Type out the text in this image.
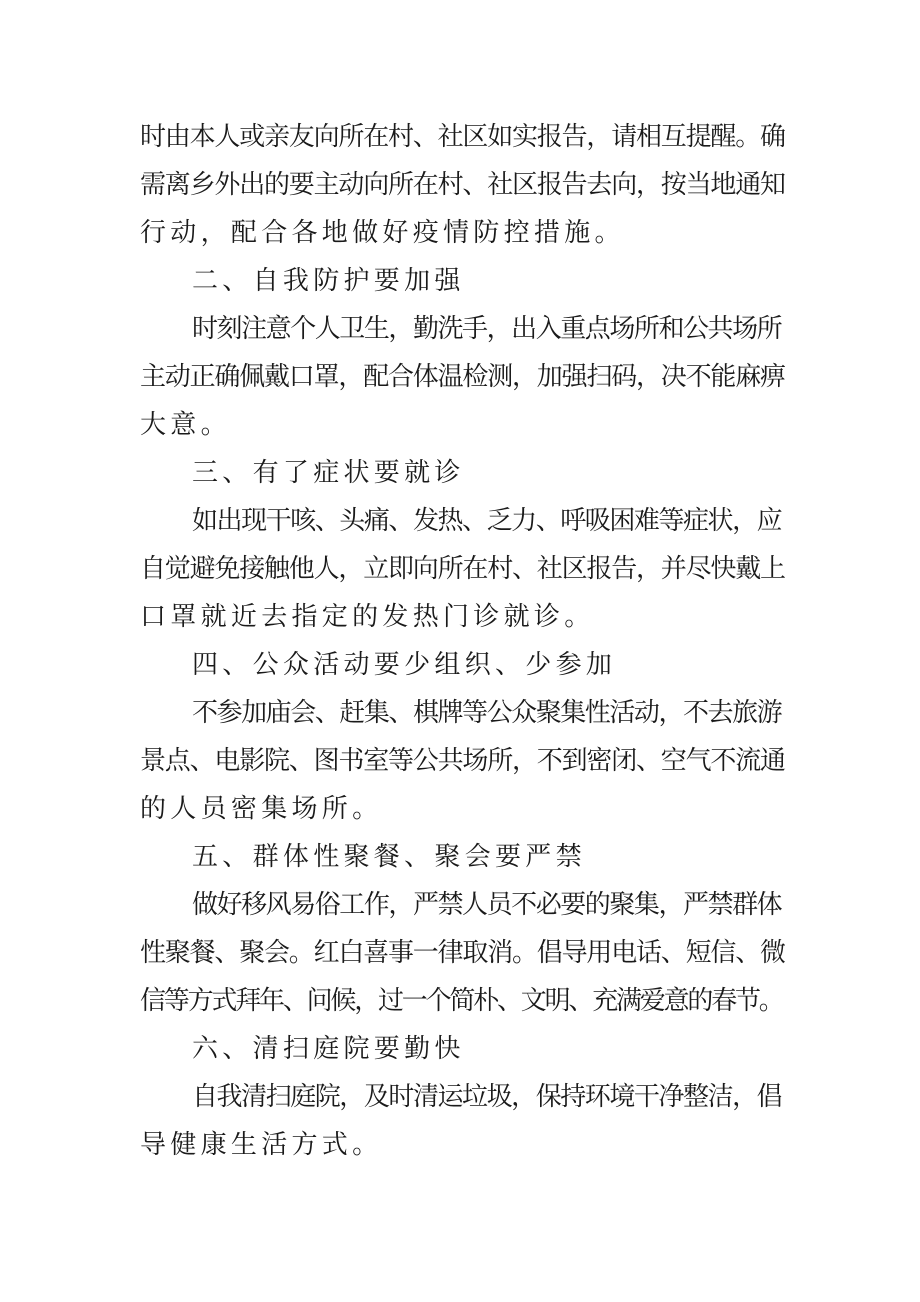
时由本人或亲友向所在村、社区如实报告，请相互提醒。确
需离乡外出的要主动向所在村、社区报告去向，按当地通知
行动，配合各地做好疫情防控措施。
二、自我防护要加强
时刻注意个人卫生，勤洗手，出入重点场所和公共场所
主动正确佩戴口罩，配合体温检测，加强扫码，决不能麻痹
大意。
三、有了症状要就诊
如出现干咳、头痛、发热、乏力、呼吸困难等症状，应
自觉避免接触他人，立即向所在村、社区报告，并尽快戴上
口罩就近去指定的发热门诊就诊。
四、公众活动要少组织、少参加
不参加庙会、赶集、棋牌等公众聚集性活动，不去旅游
景点、电影院、图书室等公共场所，不到密闭、空气不流通
的人员密集场所。
五、群体性聚餐、聚会要严禁
做好移风易俗工作，严禁人员不必要的聚集，严禁群体
性聚餐、聚会。红白喜事一律取消。倡导用电话、短信、微
信等方式拜年、问候，过一个简朴、文明、充满爱意的春节。
六、清扫庭院要勤快
自我清扫庭院，及时清运垃圾，保持环境干净整洁，倡
导健康生活方式。
